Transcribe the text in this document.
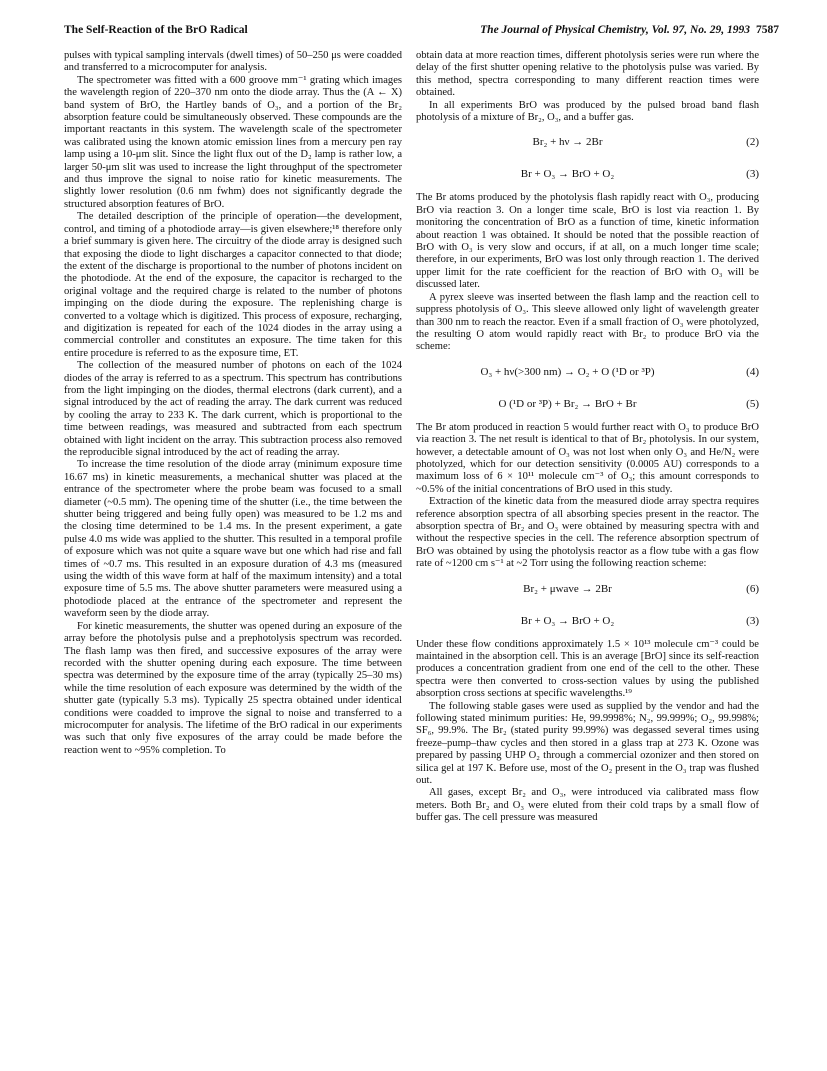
The Self-Reaction of the BrO Radical	The Journal of Physical Chemistry, Vol. 97, No. 29, 1993 7587

pulses with typical sampling intervals (dwell times) of 50–250 μs were coadded and transferred to a microcomputer for analysis.

The spectrometer was fitted with a 600 groove mm⁻¹ grating which images the wavelength region of 220–370 nm onto the diode array. Thus the (A ← X) band system of BrO, the Hartley bands of O₃, and a portion of the Br₂ absorption feature could be simultaneously observed. These compounds are the important reactants in this system. The wavelength scale of the spectrometer was calibrated using the known atomic emission lines from a mercury pen ray lamp using a 10-μm slit. Since the light flux out of the D₂ lamp is rather low, a larger 50-μm slit was used to increase the light throughput of the spectrometer and thus improve the signal to noise ratio for kinetic measurements. The slightly lower resolution (0.6 nm fwhm) does not significantly degrade the structured absorption features of BrO.

The detailed description of the principle of operation—the development, control, and timing of a photodiode array—is given elsewhere;¹⁸ therefore only a brief summary is given here. The circuitry of the diode array is designed such that exposing the diode to light discharges a capacitor connected to that diode; the extent of the discharge is proportional to the number of photons incident on the photodiode. At the end of the exposure, the capacitor is recharged to the original voltage and the required charge is related to the number of photons impinging on the diode during the exposure. The replenishing charge is converted to a voltage which is digitized. This process of exposure, recharging, and digitization is repeated for each of the 1024 diodes in the array using a commercial controller and constitutes an exposure. The time taken for this entire procedure is referred to as the exposure time, ET.

The collection of the measured number of photons on each of the 1024 diodes of the array is referred to as a spectrum. This spectrum has contributions from the light impinging on the diodes, thermal electrons (dark current), and a signal introduced by the act of reading the array. The dark current was reduced by cooling the array to 233 K. The dark current, which is proportional to the time between readings, was measured and subtracted from each spectrum obtained with light incident on the array. This subtraction process also removed the reproducible signal introduced by the act of reading the array.

To increase the time resolution of the diode array (minimum exposure time 16.67 ms) in kinetic measurements, a mechanical shutter was placed at the entrance of the spectrometer where the probe beam was focused to a small diameter (~0.5 mm). The opening time of the shutter (i.e., the time between the shutter being triggered and being fully open) was measured to be 1.2 ms and the closing time determined to be 1.4 ms. In the present experiment, a gate pulse 4.0 ms wide was applied to the shutter. This resulted in a temporal profile of exposure which was not quite a square wave but one which had rise and fall times of ~0.7 ms. This resulted in an exposure duration of 4.3 ms (measured using the width of this wave form at half of the maximum intensity) and a total exposure time of 5.5 ms. The above shutter parameters were measured using a photodiode placed at the entrance of the spectrometer and represent the waveform seen by the diode array.

For kinetic measurements, the shutter was opened during an exposure of the array before the photolysis pulse and a prephotolysis spectrum was recorded. The flash lamp was then fired, and successive exposures of the array were recorded with the shutter opening during each exposure. The time between spectra was determined by the exposure time of the array (typically 25–30 ms) while the time resolution of each exposure was determined by the width of the shutter gate (typically 5.3 ms). Typically 25 spectra obtained under identical conditions were coadded to improve the signal to noise and transferred to a microcomputer for analysis. The lifetime of the BrO radical in our experiments was such that only five exposures of the array could be made before the reaction went to ~95% completion. To

obtain data at more reaction times, different photolysis series were run where the delay of the first shutter opening relative to the photolysis pulse was varied. By this method, spectra corresponding to many different reaction times were obtained.

In all experiments BrO was produced by the pulsed broad band flash photolysis of a mixture of Br₂, O₃, and a buffer gas.

Br₂ + hν → 2Br	(2)
Br + O₃ → BrO + O₂	(3)

The Br atoms produced by the photolysis flash rapidly react with O₃, producing BrO via reaction 3. On a longer time scale, BrO is lost via reaction 1. By monitoring the concentration of BrO as a function of time, kinetic information about reaction 1 was obtained. It should be noted that the possible reaction of BrO with O₃ is very slow and occurs, if at all, on a much longer time scale; therefore, in our experiments, BrO was lost only through reaction 1. The derived upper limit for the rate coefficient for the reaction of BrO with O₃ will be discussed later.

A pyrex sleeve was inserted between the flash lamp and the reaction cell to suppress photolysis of O₃. This sleeve allowed only light of wavelength greater than 300 nm to reach the reactor. Even if a small fraction of O₃ were photolyzed, the resulting O atom would rapidly react with Br₂ to produce BrO via the scheme:

O₃ + hν(>300 nm) → O₂ + O (¹D or ³P)	(4)
O (¹D or ³P) + Br₂ → BrO + Br	(5)

The Br atom produced in reaction 5 would further react with O₃ to produce BrO via reaction 3. The net result is identical to that of Br₂ photolysis. In our system, however, a detectable amount of O₃ was not lost when only O₃ and He/N₂ were photolyzed, which for our detection sensitivity (0.0005 AU) corresponds to a maximum loss of 6 × 10¹¹ molecule cm⁻³ of O₃; this amount corresponds to ~0.5% of the initial concentrations of BrO used in this study.

Extraction of the kinetic data from the measured diode array spectra requires reference absorption spectra of all absorbing species present in the reactor. The absorption spectra of Br₂ and O₃ were obtained by measuring spectra with and without the respective species in the cell. The reference absorption spectrum of BrO was obtained by using the photolysis reactor as a flow tube with a gas flow rate of ~1200 cm s⁻¹ at ~2 Torr using the following reaction scheme:

Br₂ + μwave → 2Br	(6)
Br + O₃ → BrO + O₂	(3)

Under these flow conditions approximately 1.5 × 10¹³ molecule cm⁻³ could be maintained in the absorption cell. This is an average [BrO] since its self-reaction produces a concentration gradient from one end of the cell to the other. These spectra were then converted to cross-section values by using the published absorption cross sections at specific wavelengths.¹⁹

The following stable gases were used as supplied by the vendor and had the following stated minimum purities: He, 99.9998%; N₂, 99.999%; O₂, 99.998%; SF₆, 99.9%. The Br₂ (stated purity 99.99%) was degassed several times using freeze–pump–thaw cycles and then stored in a glass trap at 273 K. Ozone was prepared by passing UHP O₂ through a commercial ozonizer and then stored on silica gel at 197 K. Before use, most of the O₂ present in the O₃ trap was flushed out.

All gases, except Br₂ and O₃, were introduced via calibrated mass flow meters. Both Br₂ and O₃ were eluted from their cold traps by a small flow of buffer gas. The cell pressure was measured
